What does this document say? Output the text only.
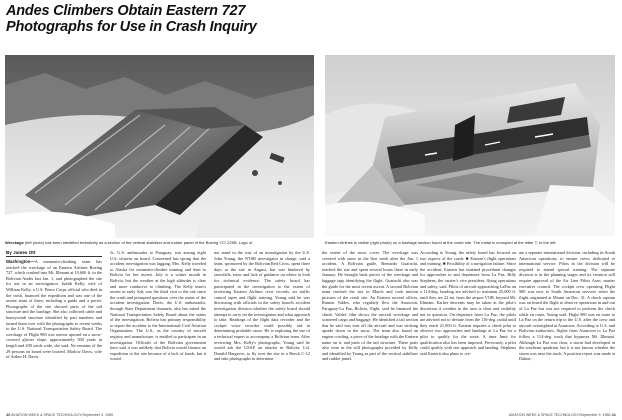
Andes Climbers Obtain Eastern 727
Photographs for Use in Crash Inquiry
Wreckage (left photo) has been identified tentatively as a section of the vertical stabilizer and rudder panel of the Boeing 727-225B. Logo of	Eastern Airlines is visible (right photo) on a fuselage section found at the crash site. The metal is crumpled at the letter T, to the left.
By James Ott

Washington—A mountain-climbing team has reached the wreckage of an Eastern Airlines Boeing 727, which crashed into Mt. Illimani at 19,600 ft. in the Bolivian Andes last Jan. 1, and photographed the site for use in an investigation. Judith Kelly, wife of William Kelly, a U.S. Peace Corps official who died in the crash, financed the expedition and was one of the ascent team of three, including a guide and a porter. Photographs of the site showed parts of the tail structure and the fuselage. She also collected cable and honeycomb structure identified by part numbers and turned them over with the photographs to recent weeks to the U.S. National Transportation Safety Board. The wreckage of Flight 980 was strewn upward on a snow-covered glacier slope, approximately 500 yards in length and 200 yards wide, she said. No remains of the 29 persons on board were located. Marlow Davis, wife of Arthur H. Davis,

Jr., U.S. ambassador to Paraguay, was among eight U.S. citizens on board. Concerned last spring that the accident investigation was lagging, Mrs. Kelly traveled to Alaska for mountain-climber training and then to Bolivia for her ascent. July is a winter month in Bolivia, but the weather at the high altitudes is clear and more conducive to climbing. The Kelly team's ascent in early July was the third visit to the site since the crash and prompted questions over the status of the accident investigation. Davis, the U.S. ambassador, through State Department channels, also has asked the National Transportation Safety Board about the status of the investigation. Bolivia has primary responsibility to report the accident to the International Civil Aviation Organization. The U.S., as the country of aircraft registry and manufacture, is entitled to participate in an investigation. Officials of the Bolivian government have said it was unlikely that Bolivia would finance an expedition to the site because of a lack of funds, but it would

not stand in the way of an investigation by the U.S. John Young, the NTSB investigator in charge, said a team, sponsored by the Bolivian Red Cross, spent three days at the site in August, but was hindered by snowfalls, snow and lack of guidance on where to look for technical evidence. The safety board has participated in the investigation to the extent of reviewing Eastern Airlines crew records, air traffic control tapes and flight training. Young said he was discussing with officials in the safety board's accident investigation division whether the safety board should attempt to carry on the investigation and what approach to take. Readings of the flight data recorder and the cockpit voice recorder could possibly aid in determining probable cause. He is exploring the use of a technical expert to accompany a Bolivian team. After reviewing Mrs. Kelly's photographs, Young said he would ask the USAF air attache in Bolivia, Col. Donald Hargrove, to fly over the site in a Beech C-12 and take photographs to determine

the extent of the snow cover. The wreckage was covered with snow in the first week after the Jan. 1 accident. A Bolivian guide, Bernardo Guarachi, reached the site and spent several hours there in early January. He brought back pieces of the wreckage and luggage tags identifying the flight. Guarachi also was the guide for the most recent ascent. A second Bolivian team reached the site in March and took motion pictures of the crash site. An Eastern second officer, Ramon Valdes, who regularly flew the Asuncion, Paraguay-La Paz, Bolivia, flight, said he financed the climb. Valdes' film shows the aircraft wreckage and scattered cargo and baggage. He identified a tail section that he said was torn off the aircraft and was sticking upside down in the snow. The team also found an engine cowling, a piece of the fuselage with the Eastern name on it, and parts of the tail structure. These parts also were in the still photographs provided by Kelly and identified by Young as part of the vertical stabilizer and rudder panel.

According to Young, the safety board has focused on two aspects of the crash: ■ Eastern's flight operations and training. ■ Possibility of a navigation failure. Since the accident, Eastern has initiated procedural changes for approaches to and departures from La Paz, Billy Stephens, the carrier's vice president, flying operations and safety, said. Pilots of aircraft approaching LaPaz on a 114-deg. heading are advised to maintain 25,000 ft. until they are 22 mi. from the airport VOR, beyond Mt. Illimani. Earlier descents may be taken at the pilot's discretion if weather in the area is clear and visibility not in question. On departure from La Paz, the pilots are advised not to deviate from the 116-deg. radial until they reach 21,000 ft. Eastern requires a check pilot to observe two approaches and landings at La Paz for a pilot to qualify for the route. A time limit for qualification also has been imposed. Previously, a pilot could qualify with one approach and landing. Stephens said Eastern also plans to cre-

ate a separate international division, including its South American operations, to ensure crews dedicated to international service. Pilots in the division will be required to attend special training. The separate division is in the planning stages and its creation will require approval of the Air Line Pilots Assn. master executive council. The cockpit crew operating Flight 980 was new to South American services when the flight originated at Miami on Dec. 31. A check captain was on board the flight to observe operations in and out of La Paz but was not required to perform the check while en route, Young said. Flight 980 was en route to La Paz on the return trip to the U.S. after the crew and aircraft overnighted at Asuncion. According to U.S. and Bolivian authorities, flights from Asuncion to La Paz follow a 114-deg. track that bypasses Mt. Illimani. Although La Paz was clear, a storm had developed in the southeast quadrant, but it is not known whether the storm was near the track. A position report was made at Dakon,

40 AVIATION WEEK & SPACE TECHNOLOGY/September 9, 1985	AVIATION WEEK & SPACE TECHNOLOGY/September 9, 1985 41
